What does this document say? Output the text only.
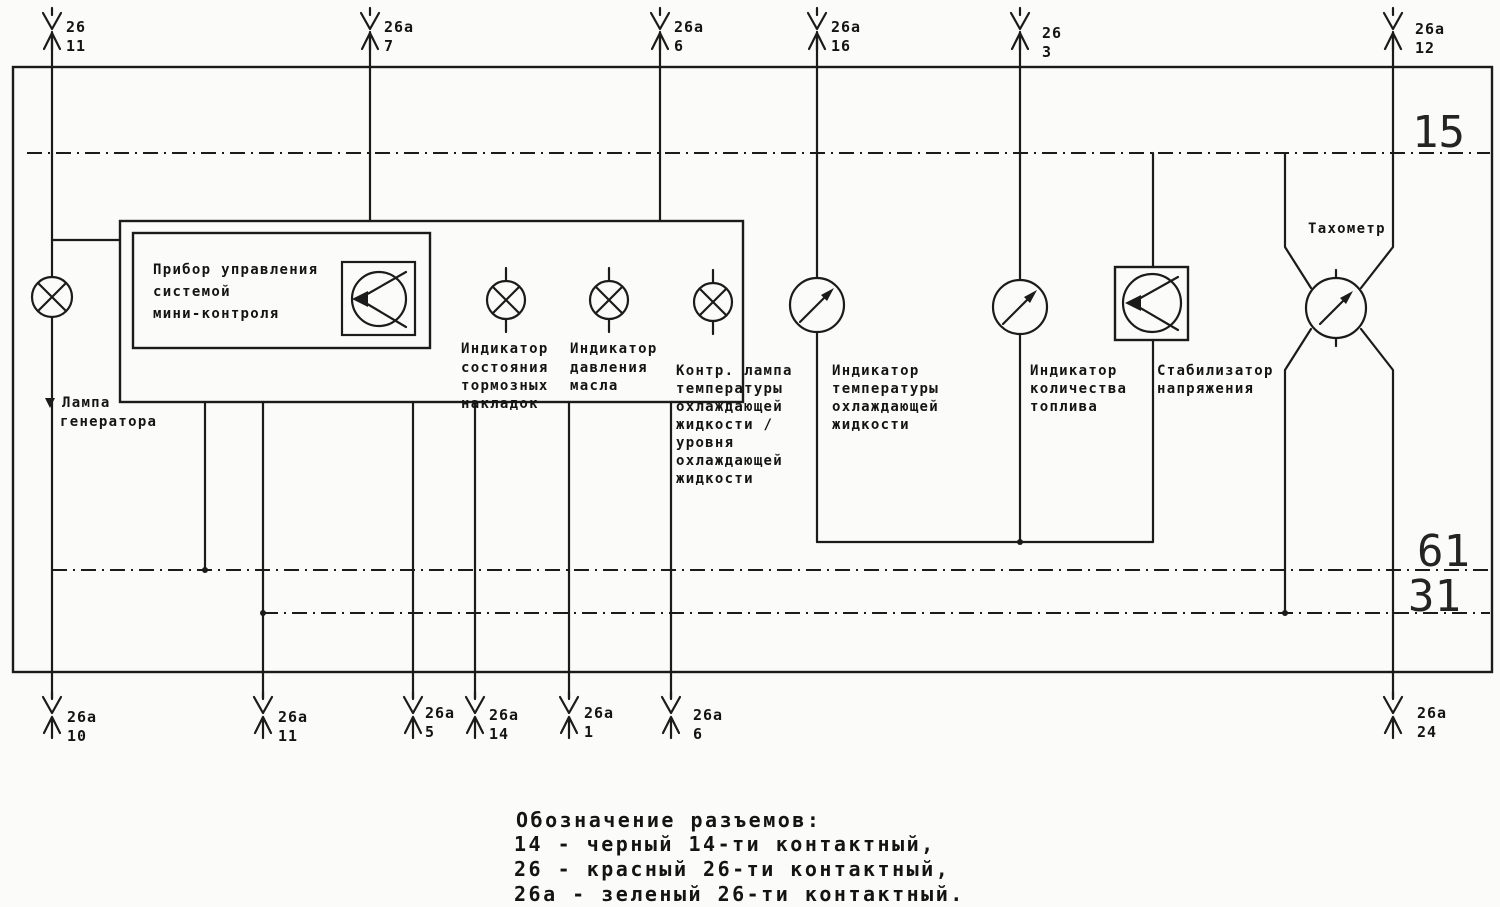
15
61
31
Лампа
генератора
Прибор управления
системой
мини-контроля
Индикатор
состояния
тормозных
накладок
Индикатор
давления
масла
Контр. лампа
температуры
охлаждающей
жидкости /
уровня
охлаждающей
жидкости
Индикатор
температуры
охлаждающей
жидкости
Индикатор
количества
топлива
Стабилизатор
напряжения
Тахометр
26
11
26а
7
26а
6
26а
16
26
3
26а
12
26а
10
26а
11
26а
5
26а
14
26а
1
26а
6
26а
24
Обозначение разъемов:
14 - черный 14-ти контактный,
26 - красный 26-ти контактный,
26а - зеленый 26-ти контактный.
